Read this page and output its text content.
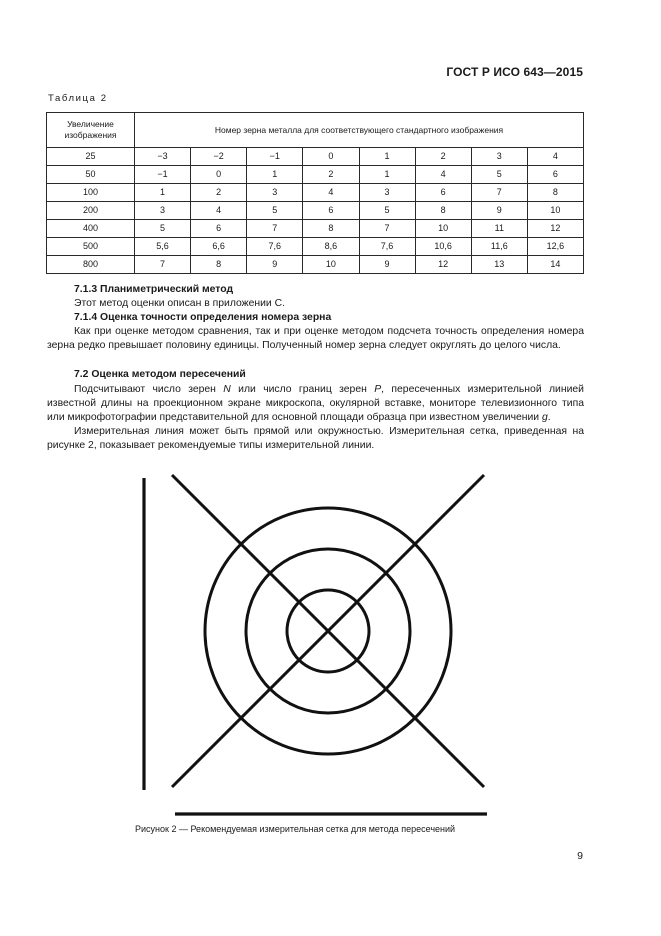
ГОСТ Р ИСО 643—2015
Таблица 2
Увеличение изображения	Номер зерна металла для соответствующего стандартного изображения							
25	−3	−2	−1	0	1	2	3	4
50	−1	0	1	2	1	4	5	6
100	1	2	3	4	3	6	7	8
200	3	4	5	6	5	8	9	10
400	5	6	7	8	7	10	11	12
500	5,6	6,6	7,6	8,6	7,6	10,6	11,6	12,6
800	7	8	9	10	9	12	13	14
7.1.3 Планиметрический метод
Этот метод оценки описан в приложении С.
7.1.4 Оценка точности определения номера зерна

Как при оценке методом сравнения, так и при оценке методом подсчета точность определения номера зерна редко превышает половину единицы. Полученный номер зерна следует округлять до целого числа.

7.2 Оценка методом пересечений

Подсчитывают число зерен N или число границ зерен P, пересеченных измерительной линией известной длины на проекционном экране микроскопа, окулярной вставке, мониторе телевизионного типа или микрофотографии представительной для основной площади образца при известном увеличении g.

Измерительная линия может быть прямой или окружностью. Измерительная сетка, приведенная на рисунке 2, показывает рекомендуемые типы измерительной линии.

Рисунок 2 — Рекомендуемая измерительная сетка для метода пересечений
9
